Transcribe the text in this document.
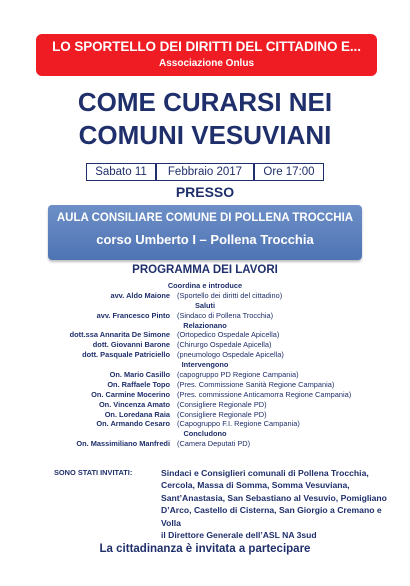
LO SPORTELLO DEI DIRITTI DEL CITTADINO E...
Associazione Onlus
COME CURARSI NEI
COMUNI VESUVIANI
Sabato 11	Febbraio 2017	Ore 17:00
PRESSO
AULA CONSILIARE COMUNE DI POLLENA TROCCHIA
corso Umberto I – Pollena Trocchia
PROGRAMMA DEI LAVORI
Coordina e introduce
avv. Aldo Maione (Sportello dei diritti del cittadino)
Saluti
avv. Francesco Pinto (Sindaco di Pollena Trocchia)
Relazionano
dott.ssa Annarita De Simone (Ortopedico Ospedale Apicella)
dott. Giovanni Barone (Chirurgo Ospedale Apicella)
dott. Pasquale Patriciello (pneumologo Ospedale Apicella)
Intervengono
On. Mario Casillo (capogruppo PD Regione Campania)
On. Raffaele Topo (Pres. Commissione Sanità Regione Campania)
On. Carmine Mocerino (Pres. commissione Anticamorra Regione Campania)
On. Vincenza Amato (Consigliere Regionale PD)
On. Loredana Raia (Consigliere Regionale PD)
On. Armando Cesaro (Capogruppo F.I. Regione Campania)
Concludono
On. Massimiliano Manfredi (Camera Deputati PD)
SONO STATI INVITATI:	Sindaci e Consiglieri comunali di Pollena Trocchia,
Cercola, Massa di Somma, Somma Vesuviana,
Sant’Anastasia, San Sebastiano al Vesuvio, Pomigliano
D’Arco, Castello di Cisterna, San Giorgio a Cremano e
Volla
il Direttore Generale dell’ASL NA 3sud
La cittadinanza è invitata a partecipare
